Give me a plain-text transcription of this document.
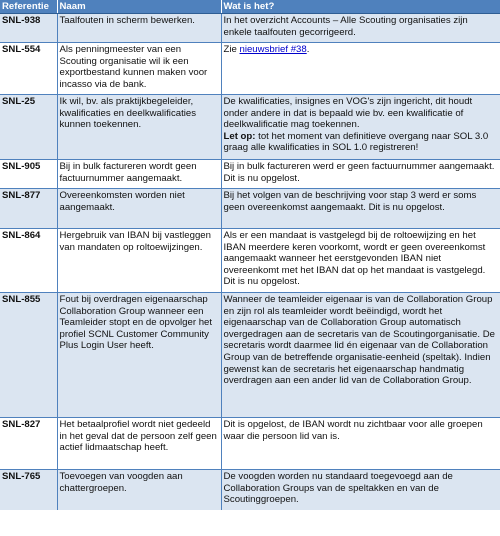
Referentie	Naam	Wat is het?
SNL-938	Taalfouten in scherm bewerken.	In het overzicht Accounts – Alle Scouting organisaties zijn enkele taalfouten gecorrigeerd.
SNL-554	Als penningmeester van een Scouting organisatie wil ik een exportbestand kunnen maken voor incasso via de bank.	Zie nieuwsbrief #38.
SNL-25	Ik wil, bv. als praktijkbegeleider, kwalificaties en deelkwalificaties kunnen toekennen.	De kwalificaties, insignes en VOG's zijn ingericht, dit houdt onder andere in dat is bepaald wie bv. een kwalificatie of deelkwalificatie mag toekennen.

Let op: tot het moment van definitieve overgang naar SOL 3.0 graag alle kwalificaties in SOL 1.0 registreren!

SNL-905	Bij in bulk factureren wordt geen factuurnummer aangemaakt.	Bij in bulk factureren werd er geen factuurnummer aangemaakt. Dit is nu opgelost.
SNL-877	Overeenkomsten worden niet aangemaakt.	Bij het volgen van de beschrijving voor stap 3 werd er soms geen overeenkomst aangemaakt. Dit is nu opgelost.
SNL-864	Hergebruik van IBAN bij vastleggen van mandaten op roltoewijzingen.	Als er een mandaat is vastgelegd bij de roltoewijzing en het IBAN meerdere keren voorkomt, wordt er geen overeenkomst aangemaakt wanneer het eerstgevonden IBAN niet overeenkomt met het IBAN dat op het mandaat is vastgelegd. Dit is nu opgelost.
SNL-855	Fout bij overdragen eigenaarschap Collaboration Group wanneer een Teamleider stopt en de opvolger het profiel SCNL Customer Community Plus Login User heeft.	Wanneer de teamleider eigenaar is van de Collaboration Group en zijn rol als teamleider wordt beëindigd, wordt het eigenaarschap van de Collaboration Group automatisch overgedragen aan de secretaris van de Scoutingorganisatie. De secretaris wordt daarmee lid én eigenaar van de Collaboration Group van de betreffende organisatie-eenheid (speltak). Indien gewenst kan de secretaris het eigenaarschap handmatig overdragen aan een ander lid van de Collaboration Group.
SNL-827	Het betaalprofiel wordt niet gedeeld in het geval dat de persoon zelf geen actief lidmaatschap heeft.	Dit is opgelost, de IBAN wordt nu zichtbaar voor alle groepen waar die persoon lid van is.
SNL-765	Toevoegen van voogden aan chattergroepen.	De voogden worden nu standaard toegevoegd aan de Collaboration Groups van de speltakken en van de Scoutinggroepen.
